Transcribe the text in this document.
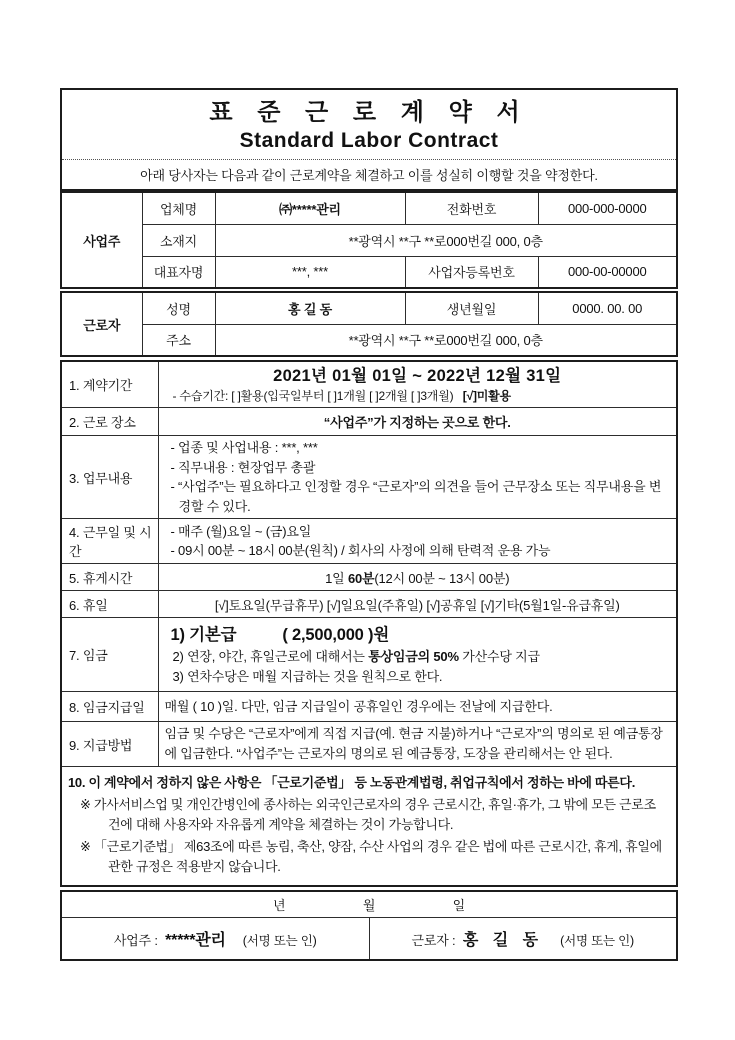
표 준 근 로 계 약 서
Standard Labor Contract
아래 당사자는 다음과 같이 근로계약을 체결하고 이를 성실히 이행할 것을 약정한다.
사업주	업체명	㈜*****관리	전화번호	000-000-0000
	소재지	**광역시 **구 **로000번길 000, 0층		
	대표자명	***, ***	사업자등록번호	000-00-00000
근로자	성명	홍 길 동	생년월일	0000. 00. 00
	주소	**광역시 **구 **로000번길 000, 0층		
1. 계약기간	2021년 01월 01일 ~ 2022년 12월 31일
- 수습기간: [ ]활용(입국일부터 [ ]1개월 [ ]2개월 [ ]3개월) [√]미활용

2. 근로 장소	“사업주”가 지정하는 곳으로 한다.
3. 업무내용	- 업종 및 사업내용 : ***, ***
- 직무내용 : 현장업무 총괄
- “사업주”는 필요하다고 인정할 경우 “근로자”의 의견을 들어 근무장소 또는 직무내용을 변경할 수 있다.

4. 근무일 및 시간	- 매주 (월)요일 ~ (금)요일
- 09시 00분 ~ 18시 00분(원칙) / 회사의 사정에 의해 탄력적 운용 가능

5. 휴게시간	1일 60분(12시 00분 ~ 13시 00분)
6. 휴일	[√]토요일(무급휴무) [√]일요일(주휴일) [√]공휴일 [√]기타(5월1일-유급휴일)
7. 임금	1) 기본급 ( 2,500,000 )원
2) 연장, 야간, 휴일근로에 대해서는 통상임금의 50% 가산수당 지급
3) 연차수당은 매월 지급하는 것을 원칙으로 한다.

8. 임금지급일	매월 ( 10 )일. 다만, 임금 지급일이 공휴일인 경우에는 전날에 지급한다.
9. 지급방법	임금 및 수당은 “근로자”에게 직접 지급(예. 현금 지불)하거나 “근로자”의 명의로 된 예금통장에 입금한다. “사업주”는 근로자의 명의로 된 예금통장, 도장을 관리해서는 안 된다.

10. 이 계약에서 정하지 않은 사항은 「근로기준법」 등 노동관계법령, 취업규칙에서 정하는 바에 따른다.
※ 가사서비스업 및 개인간병인에 종사하는 외국인근로자의 경우 근로시간, 휴일·휴가, 그 밖에 모든 근로조건에 대해 사용자와 자유롭게 계약을 체결하는 것이 가능합니다.
※ 「근로기준법」 제63조에 따른 농림, 축산, 양잠, 수산 사업의 경우 같은 법에 따른 근로시간, 휴게, 휴일에 관한 규정은 적용받지 않습니다.	
년	월	일
사업주 : *****관리 (서명 또는 인)	근로자 : 홍 길 동 (서명 또는 인)
